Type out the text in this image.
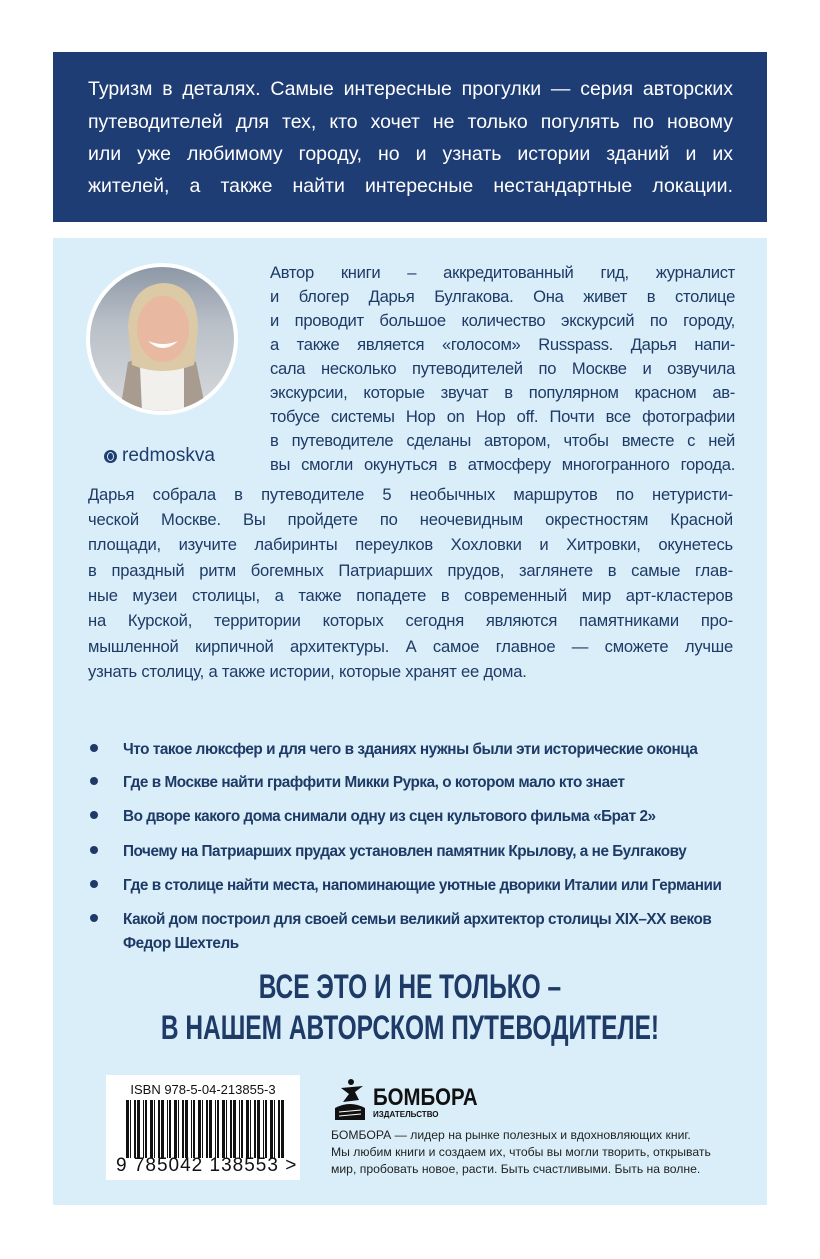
Туризм в деталях. Самые интересные прогулки — серия авторских
путеводителей для тех, кто хочет не только погулять по новому
или уже любимому городу, но и узнать истории зданий и их
жителей, а также найти интересные нестандартные локации.
redmoskva
Автор книги – аккредитованный гид, журналист
и блогер Дарья Булгакова. Она живет в столице
и проводит большое количество экскурсий по городу,
а также является «голосом» Russpass. Дарья напи-
сала несколько путеводителей по Москве и озвучила
экскурсии, которые звучат в популярном красном ав-
тобусе системы Hop on Hop off. Почти все фотографии
в путеводителе сделаны автором, чтобы вместе с ней
вы смогли окунуться в атмосферу многогранного города.
Дарья собрала в путеводителе 5 необычных маршрутов по нетуристи-
ческой Москве. Вы пройдете по неочевидным окрестностям Красной
площади, изучите лабиринты переулков Хохловки и Хитровки, окунетесь
в праздный ритм богемных Патриарших прудов, заглянете в самые глав-
ные музеи столицы, а также попадете в современный мир арт-кластеров
на Курской, территории которых сегодня являются памятниками про-
мышленной кирпичной архитектуры. А самое главное — сможете лучше
узнать столицу, а также истории, которые хранят ее дома.
Что такое люксфер и для чего в зданиях нужны были эти исторические оконца
Где в Москве найти граффити Микки Рурка, о котором мало кто знает
Во дворе какого дома снимали одну из сцен культового фильма «Брат 2»
Почему на Патриарших прудах установлен памятник Крылову, а не Булгакову
Где в столице найти места, напоминающие уютные дворики Италии или Германии
Какой дом построил для своей семьи великий архитектор столицы XIX–XX веков
Федор Шехтель
ВСЕ ЭТО И НЕ ТОЛЬКО –
В НАШЕМ АВТОРСКОМ ПУТЕВОДИТЕЛЕ!
ISBN 978-5-04-213855-3
9 785042 138553 >
БОМБОРА
ИЗДАТЕЛЬСТВО
БОМБОРА — лидер на рынке полезных и вдохновляющих книг.
Мы любим книги и создаем их, чтобы вы могли творить, открывать
мир, пробовать новое, расти. Быть счастливыми. Быть на волне.
